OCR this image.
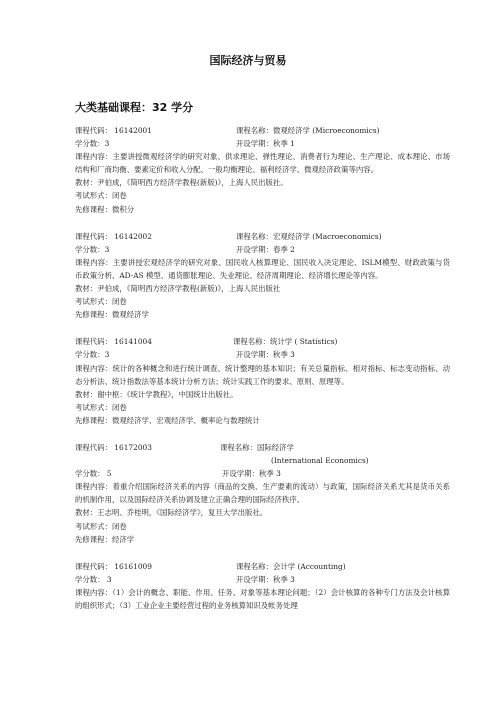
国际经济与贸易
大类基础课程：32 学分
课程代码： 16142001	课程名称：微观经济学 (Microeconomics)
学分数：3	开设学期：秋季 1
课程内容：主要讲授微观经济学的研究对象、供求理论、弹性理论、消费者行为理论、生产理论、成本理论、市场结构和厂商均衡、要素定价和收入分配、一般均衡理论、福利经济学、微观经济政策等内容。
教材：尹伯成，《简明西方经济学教程(新版)》，上海人民出版社。
考试形式：闭卷
先修课程：微积分
课程代码： 16142002	课程名称：宏观经济学 (Macroeconomics)
学分数：3	开设学期：春季 2
课程内容：主要讲授宏观经济学的研究对象、国民收入核算理论、国民收入决定理论、ISLM模型、财政政策与货币政策分析、AD-AS 模型、通货膨胀理论、失业理论、经济周期理论、经济增长理论等内容。
教材：尹伯成，《简明西方经济学教程(新版)》，上海人民出版社
考试形式：闭卷
先修课程：微观经济学
课程代码： 16141004	课程名称：统计学 ( Statistics)
学分数：3	开设学期：秋季 3
课程内容：统计的各种概念和进行统计调查、统计整理的基本知识；有关总量指标、相对指标、标志变动指标、动态分析法、统计指数法等基本统计分析方法；统计实践工作的要求、原则、原理等。
教材：谢中枢：《统计学教程》，中国统计出版社。
考试形式：闭卷
先修课程：微观经济学、宏观经济学、概率论与数理统计
课程代码： 16172003	课程名称：国际经济学
(International Economics)
学分数： 5	开设学期：秋季 3
课程内容：着重介绍国际经济关系的内容（商品的交换、生产要素的流动）与政策，国际经济关系尤其是货币关系的机制作用，以及国际经济关系协调及建立正确合理的国际经济秩序。
教材：王志明、乔桂明，《国际经济学》，复旦大学出版社。
考试形式：闭卷
先修课程：经济学
课程代码： 16161009	课程名称：会计学 (Accounting)
学分数： 3	开设学期：秋季 3
课程内容：（1）会计的概念、职能、作用、任务、对象等基本理论问题；（2）会计核算的各种专门方法及会计核算的组织形式；（3）工业企业主要经营过程的业务核算知识及帐务处理
